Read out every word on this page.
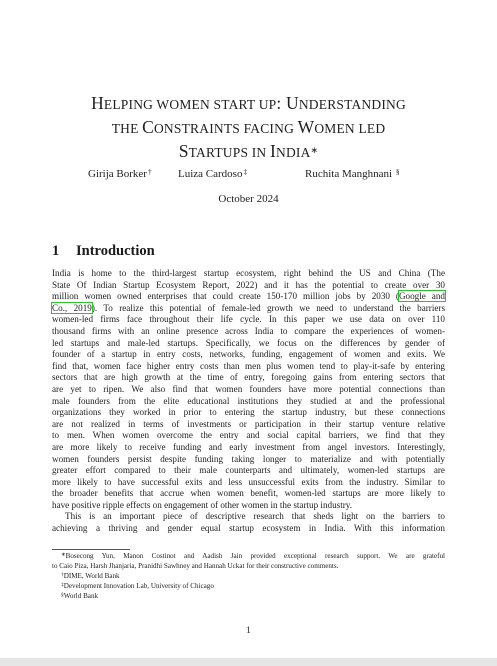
HELPING WOMEN START UP: UNDERSTANDING
THE CONSTRAINTS FACING WOMEN LED
STARTUPS IN INDIA∗
Girija Borker† Luiza Cardoso‡	Ruchita Manghnani §
October 2024
1 Introduction
India is home to the third-largest startup ecosystem, right behind the US and China (The
State Of Indian Startup Ecosystem Report, 2022) and it has the potential to create over 30
million women owned enterprises that could create 150-170 million jobs by 2030 (Google and
Co., 2019). To realize this potential of female-led growth we need to understand the barriers
women-led firms face throughout their life cycle. In this paper we use data on over 110
thousand firms with an online presence across India to compare the experiences of women-
led startups and male-led startups. Specifically, we focus on the differences by gender of
founder of a startup in entry costs, networks, funding, engagement of women and exits. We
find that, women face higher entry costs than men plus women tend to play-it-safe by entering
sectors that are high growth at the time of entry, foregoing gains from entering sectors that
are yet to ripen. We also find that women founders have more potential connections than
male founders from the elite educational institutions they studied at and the professional
organizations they worked in prior to entering the startup industry, but these connections
are not realized in terms of investments or participation in their startup venture relative
to men. When women overcome the entry and social capital barriers, we find that they
are more likely to receive funding and early investment from angel investors. Interestingly,
women founders persist despite funding taking longer to materialize and with potentially
greater effort compared to their male counterparts and ultimately, women-led startups are
more likely to have successful exits and less unsuccessful exits from the industry. Similar to
the broader benefits that accrue when women benefit, women-led startups are more likely to
have positive ripple effects on engagement of other women in the startup industry.
This is an important piece of descriptive research that sheds light on the barriers to
achieving a thriving and gender equal startup ecosystem in India. With this information
∗Bosecong Yun, Manon Costinot and Aadish Jain provided exceptional research support. We are grateful
to Caio Piza, Harsh Jhanjaria, Pranidhi Sawhney and Hannah Uckat for their constructive comments.
†DIME, World Bank
‡Development Innovation Lab, University of Chicago
§World Bank
1
